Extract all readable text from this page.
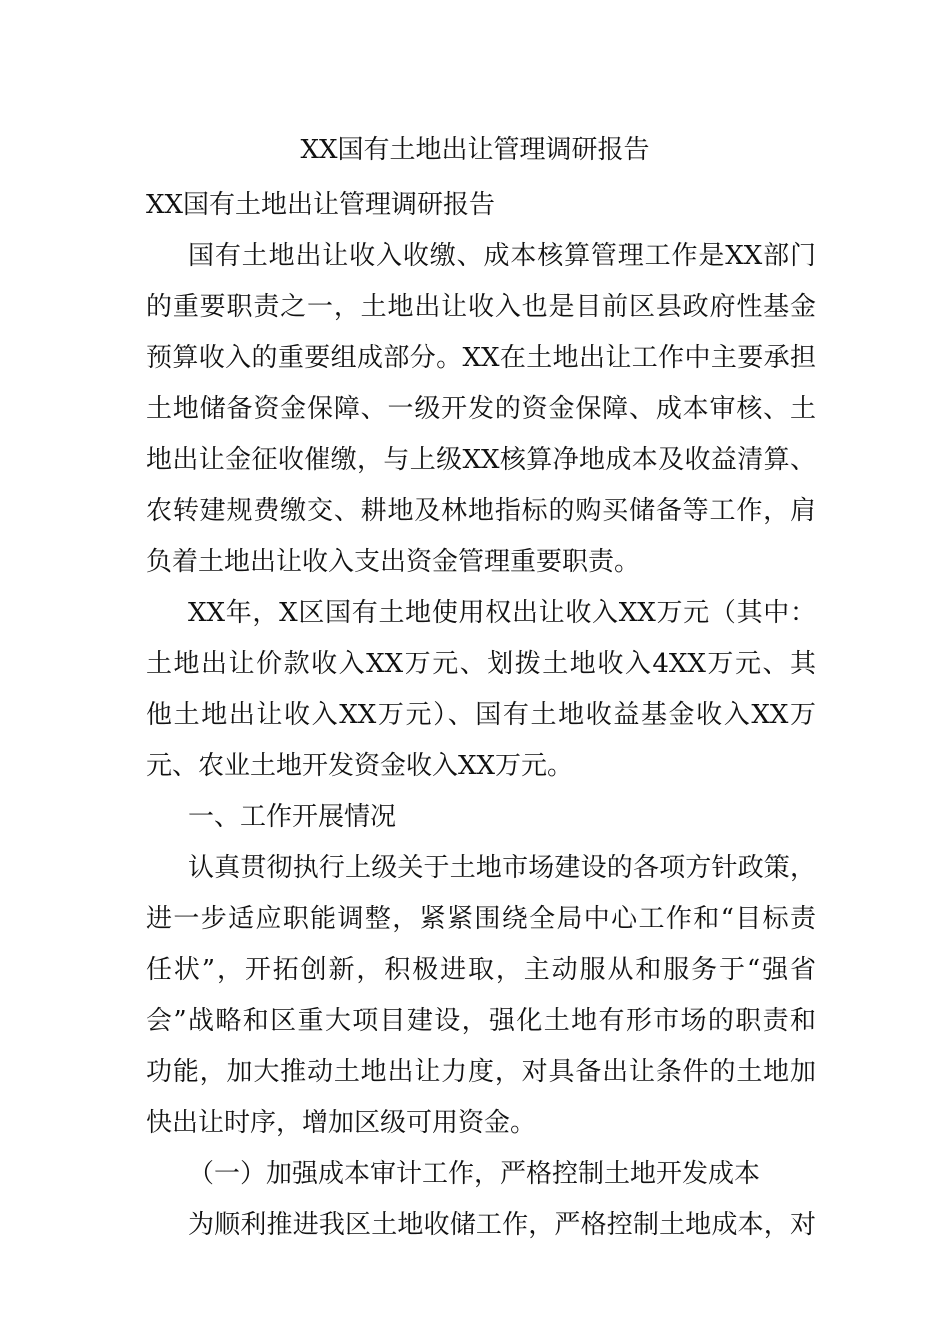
XX国有土地出让管理调研报告
XX国有土地出让管理调研报告
国有土地出让收入收缴、成本核算管理工作是XX部门
的重要职责之一，土地出让收入也是目前区县政府性基金
预算收入的重要组成部分。XX在土地出让工作中主要承担
土地储备资金保障、一级开发的资金保障、成本审核、土
地出让金征收催缴，与上级XX核算净地成本及收益清算、
农转建规费缴交、耕地及林地指标的购买储备等工作，肩
负着土地出让收入支出资金管理重要职责。
XX年，X区国有土地使用权出让收入XX万元（其中：
土地出让价款收入XX万元、划拨土地收入4XX万元、其
他土地出让收入XX万元）、国有土地收益基金收入XX万
元、农业土地开发资金收入XX万元。
一、工作开展情况
认真贯彻执行上级关于土地市场建设的各项方针政策，
进一步适应职能调整，紧紧围绕全局中心工作和“目标责
任状”，开拓创新，积极进取，主动服从和服务于“强省
会”战略和区重大项目建设，强化土地有形市场的职责和
功能，加大推动土地出让力度，对具备出让条件的土地加
快出让时序，增加区级可用资金。
（一）加强成本审计工作，严格控制土地开发成本
为顺利推进我区土地收储工作，严格控制土地成本，对
